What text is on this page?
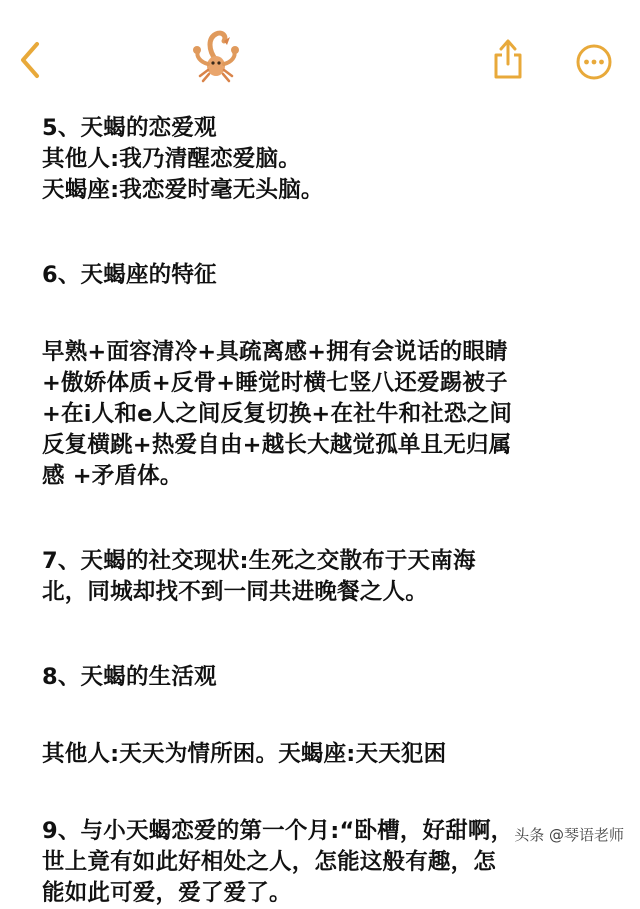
5、天蝎的恋爱观

其他人:我乃清醒恋爱脑。

天蝎座:我恋爱时毫无头脑。

6、天蝎座的特征

早熟+面容清冷+具疏离感+拥有会说话的眼睛
+傲娇体质+反骨+睡觉时横七竖八还爱踢被子
+在i人和e人之间反复切换+在社牛和社恐之间
反复横跳+热爱自由+越长大越觉孤单且无归属
感 +矛盾体。

7、天蝎的社交现状:生死之交散布于天南海
北，同城却找不到一同共进晚餐之人。

8、天蝎的生活观

其他人:天天为情所困。天蝎座:天天犯困

9、与小天蝎恋爱的第一个月:“卧槽，好甜啊，
世上竟有如此好相处之人，怎能这般有趣，怎
能如此可爱，爱了爱了。

头条 @琴语老师
